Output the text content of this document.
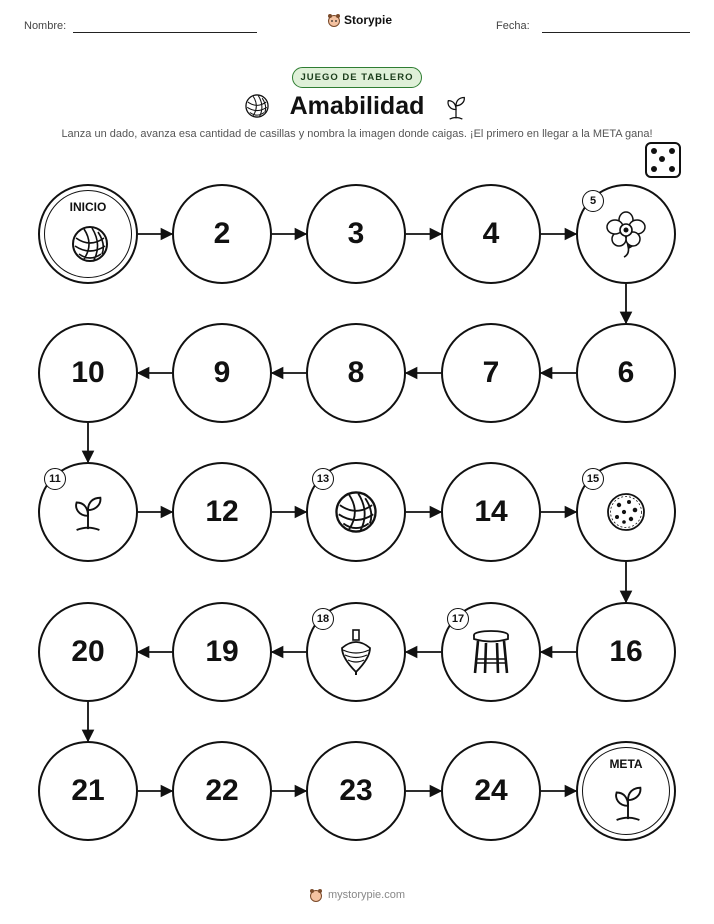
Nombre:	Storypie	Fecha:
JUEGO DE TABLERO
Amabilidad
Lanza un dado, avanza esa cantidad de casillas y nombra la imagen donde caigas. ¡El primero en llegar a la META gana!
INICIO
META
2	3	4
5
6
7
8
9
10
11
12
13
14
15
16
17
18
19
20
21	22	23	24
mystorypie.com
